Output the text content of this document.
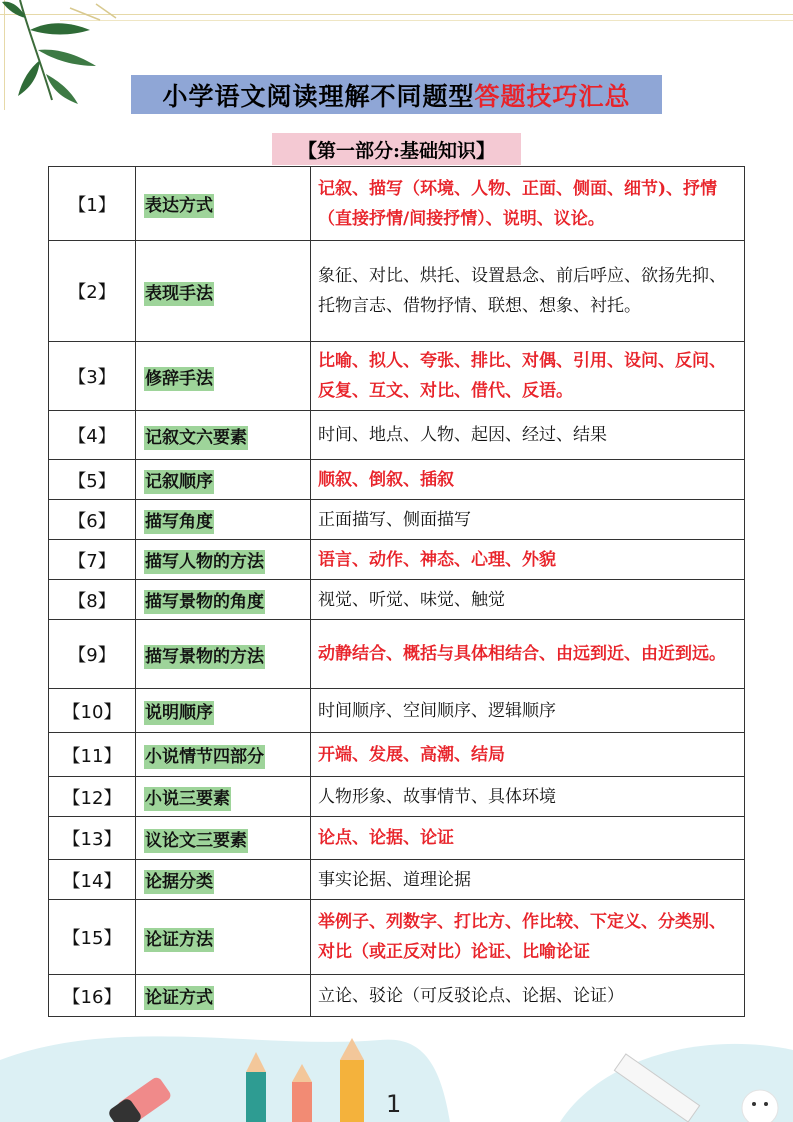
小学语文阅读理解不同题型 答题技巧汇总
【第一部分:基础知识】
【1】	表达方式	记叙、描写（环境、人物、正面、侧面、细节)、抒情（直接抒情/间接抒情）、说明、议论。
【2】	表现手法	象征、对比、烘托、设置悬念、前后呼应、欲扬先抑、托物言志、借物抒情、联想、想象、衬托。
【3】	修辞手法	比喻、拟人、夸张、排比、对偶、引用、设问、反问、反复、互文、对比、借代、反语。
【4】	记叙文六要素	时间、地点、人物、起因、经过、结果
【5】	记叙顺序	顺叙、倒叙、插叙
【6】	描写角度	正面描写、侧面描写
【7】	描写人物的方法	语言、动作、神态、心理、外貌
【8】	描写景物的角度	视觉、听觉、味觉、触觉
【9】	描写景物的方法	动静结合、概括与具体相结合、由远到近、由近到远。
【10】	说明顺序	时间顺序、空间顺序、逻辑顺序
【11】	小说情节四部分	开端、发展、高潮、结局
【12】	小说三要素	人物形象、故事情节、具体环境
【13】	议论文三要素	论点、论据、论证
【14】	论据分类	事实论据、道理论据
【15】	论证方法	举例子、列数字、打比方、作比较、下定义、分类别、对比（或正反对比）论证、比喻论证
【16】	论证方式	立论、驳论（可反驳论点、论据、论证）
1
